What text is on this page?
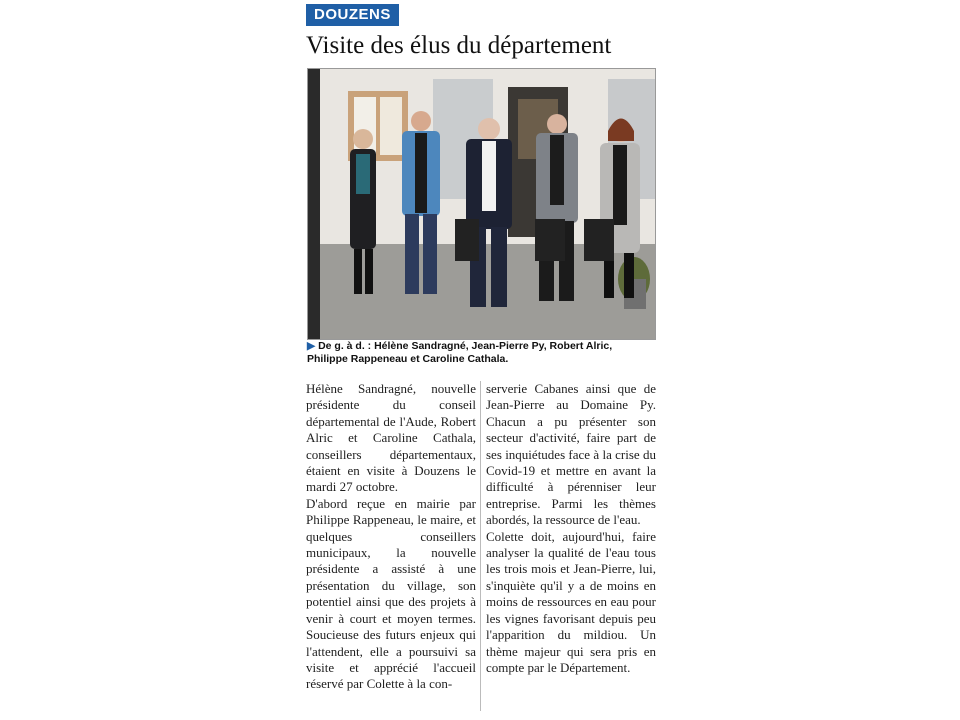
DOUZENS
Visite des élus du département
▶ De g. à d. : Hélène Sandragné, Jean-Pierre Py, Robert Alric, Philippe Rappeneau et Caroline Cathala.

Hélène Sandragné, nouvelle présidente du conseil départemental de l'Aude, Robert Alric et Caroline Cathala, conseillers départementaux, étaient en visite à Douzens le mardi 27 octobre.

D'abord reçue en mairie par Philippe Rappeneau, le maire, et quelques conseillers municipaux, la nouvelle présidente a assisté à une présentation du village, son potentiel ainsi que des projets à venir à court et moyen termes. Soucieuse des futurs enjeux qui l'attendent, elle a poursuivi sa visite et apprécié l'accueil réservé par Colette à la con-

serverie Cabanes ainsi que de Jean-Pierre au Domaine Py. Chacun a pu présenter son secteur d'activité, faire part de ses inquiétudes face à la crise du Covid-19 et mettre en avant la difficulté à pérenniser leur entreprise. Parmi les thèmes abordés, la ressource de l'eau.

Colette doit, aujourd'hui, faire analyser la qualité de l'eau tous les trois mois et Jean-Pierre, lui, s'inquiète qu'il y a de moins en moins de ressources en eau pour les vignes favorisant depuis peu l'apparition du mildiou. Un thème majeur qui sera pris en compte par le Département.
